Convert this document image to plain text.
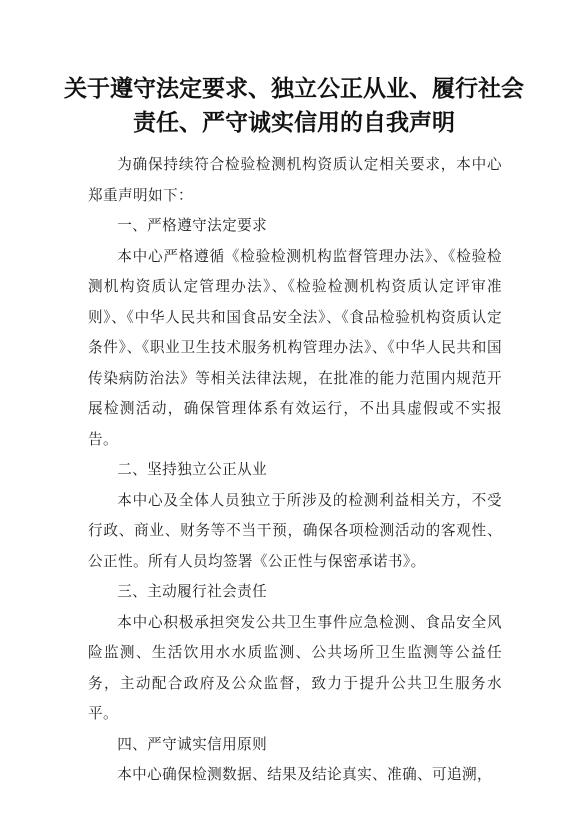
关于遵守法定要求、独立公正从业、履行社会责任、严守诚实信用的自我声明

为确保持续符合检验检测机构资质认定相关要求，本中心郑重声明如下：

一、严格遵守法定要求

本中心严格遵循《检验检测机构监督管理办法》、《检验检测机构资质认定管理办法》、《检验检测机构资质认定评审准则》、《中华人民共和国食品安全法》、《食品检验机构资质认定条件》、《职业卫生技术服务机构管理办法》、《中华人民共和国传染病防治法》等相关法律法规，在批准的能力范围内规范开展检测活动，确保管理体系有效运行，不出具虚假或不实报告。

二、坚持独立公正从业

本中心及全体人员独立于所涉及的检测利益相关方，不受行政、商业、财务等不当干预，确保各项检测活动的客观性、公正性。所有人员均签署《公正性与保密承诺书》。

三、主动履行社会责任

本中心积极承担突发公共卫生事件应急检测、食品安全风险监测、生活饮用水水质监测、公共场所卫生监测等公益任务，主动配合政府及公众监督，致力于提升公共卫生服务水平。

四、严守诚实信用原则

本中心确保检测数据、结果及结论真实、准确、可追溯，
